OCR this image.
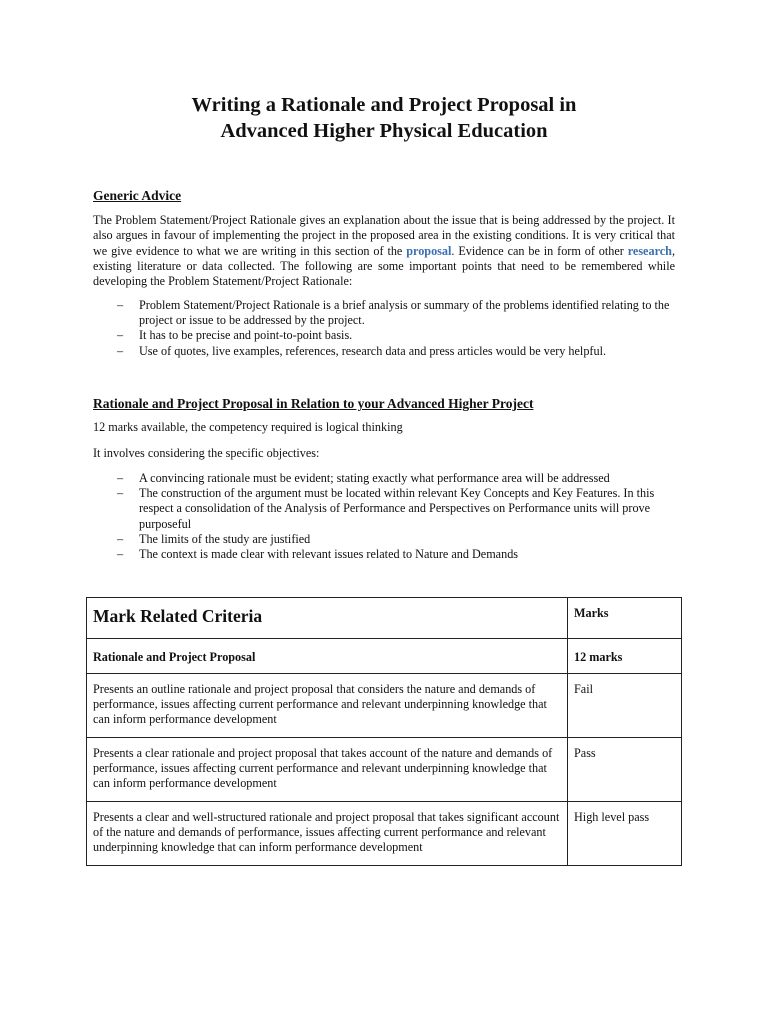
Writing a Rationale and Project Proposal in
Advanced Higher Physical Education
Generic Advice

The Problem Statement/Project Rationale gives an explanation about the issue that is being addressed by the project. It also argues in favour of implementing the project in the proposed area in the existing conditions. It is very critical that we give evidence to what we are writing in this section of the proposal. Evidence can be in form of other research, existing literature or data collected. The following are some important points that need to be remembered while developing the Problem Statement/Project Rationale:

– Problem Statement/Project Rationale is a brief analysis or summary of the problems identified relating to the project or issue to be addressed by the project.
– It has to be precise and point-to-point basis.
– Use of quotes, live examples, references, research data and press articles would be very helpful.
Rationale and Project Proposal in Relation to your Advanced Higher Project
12 marks available, the competency required is logical thinking
It involves considering the specific objectives:
– A convincing rationale must be evident; stating exactly what performance area will be addressed
– The construction of the argument must be located within relevant Key Concepts and Key Features. In this respect a consolidation of the Analysis of Performance and Perspectives on Performance units will prove purposeful
– The limits of the study are justified
– The context is made clear with relevant issues related to Nature and Demands
Mark Related Criteria	Marks
Rationale and Project Proposal	12 marks
Presents an outline rationale and project proposal that considers the nature and demands of performance, issues affecting current performance and relevant underpinning knowledge that can inform performance development	Fail
Presents a clear rationale and project proposal that takes account of the nature and demands of performance, issues affecting current performance and relevant underpinning knowledge that can inform performance development	Pass
Presents a clear and well-structured rationale and project proposal that takes significant account of the nature and demands of performance, issues affecting current performance and relevant underpinning knowledge that can inform performance development	High level pass
